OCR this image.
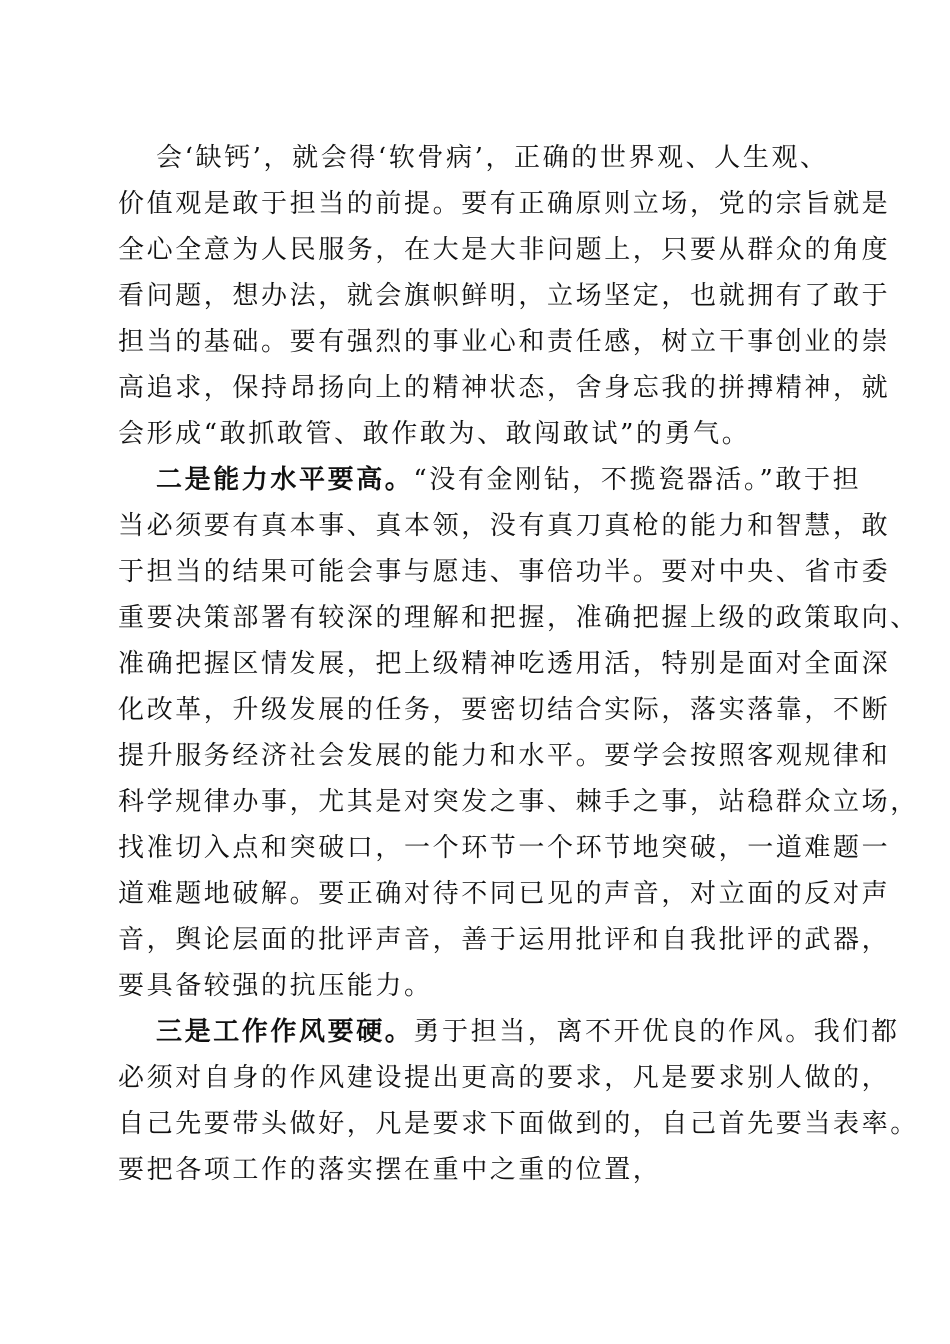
会‘缺钙’，就会得‘软骨病’，正确的世界观、人生观、
价值观是敢于担当的前提。要有正确原则立场，党的宗旨就是
全心全意为人民服务，在大是大非问题上，只要从群众的角度
看问题，想办法，就会旗帜鲜明，立场坚定，也就拥有了敢于
担当的基础。要有强烈的事业心和责任感，树立干事创业的崇
高追求，保持昂扬向上的精神状态，舍身忘我的拼搏精神，就
会形成“敢抓敢管、敢作敢为、敢闯敢试”的勇气。
二是能力水平要高。“没有金刚钻，不揽瓷器活。”敢于担
当必须要有真本事、真本领，没有真刀真枪的能力和智慧，敢
于担当的结果可能会事与愿违、事倍功半。要对中央、省市委
重要决策部署有较深的理解和把握，准确把握上级的政策取向、
准确把握区情发展，把上级精神吃透用活，特别是面对全面深
化改革，升级发展的任务，要密切结合实际，落实落靠，不断
提升服务经济社会发展的能力和水平。要学会按照客观规律和
科学规律办事，尤其是对突发之事、棘手之事，站稳群众立场，
找准切入点和突破口，一个环节一个环节地突破，一道难题一
道难题地破解。要正确对待不同已见的声音，对立面的反对声
音，舆论层面的批评声音，善于运用批评和自我批评的武器，
要具备较强的抗压能力。
三是工作作风要硬。勇于担当，离不开优良的作风。我们都
必须对自身的作风建设提出更高的要求，凡是要求别人做的，
自己先要带头做好，凡是要求下面做到的，自己首先要当表率。
要把各项工作的落实摆在重中之重的位置，
